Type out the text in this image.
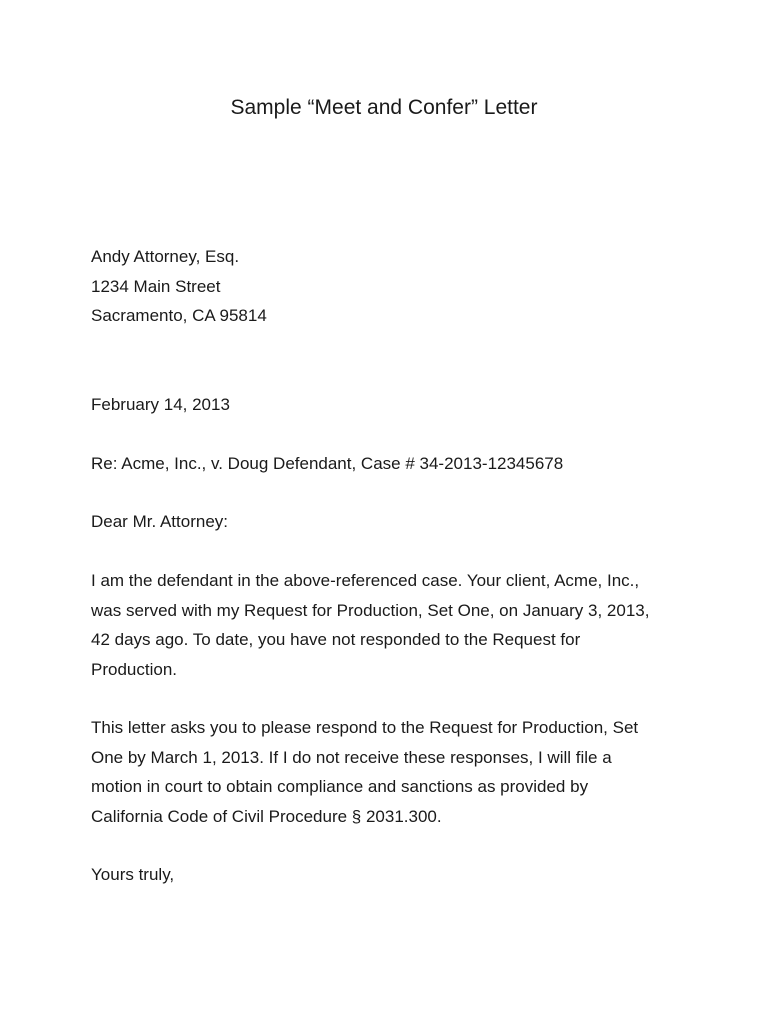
Sample “Meet and Confer” Letter
Andy Attorney, Esq.
1234 Main Street
Sacramento, CA 95814
February 14, 2013
Re: Acme, Inc., v. Doug Defendant, Case # 34-2013-12345678
Dear Mr. Attorney:
I am the defendant in the above-referenced case. Your client, Acme, Inc.,
was served with my Request for Production, Set One, on January 3, 2013,
42 days ago. To date, you have not responded to the Request for
Production.
This letter asks you to please respond to the Request for Production, Set
One by March 1, 2013. If I do not receive these responses, I will file a
motion in court to obtain compliance and sanctions as provided by
California Code of Civil Procedure § 2031.300.
Yours truly,
